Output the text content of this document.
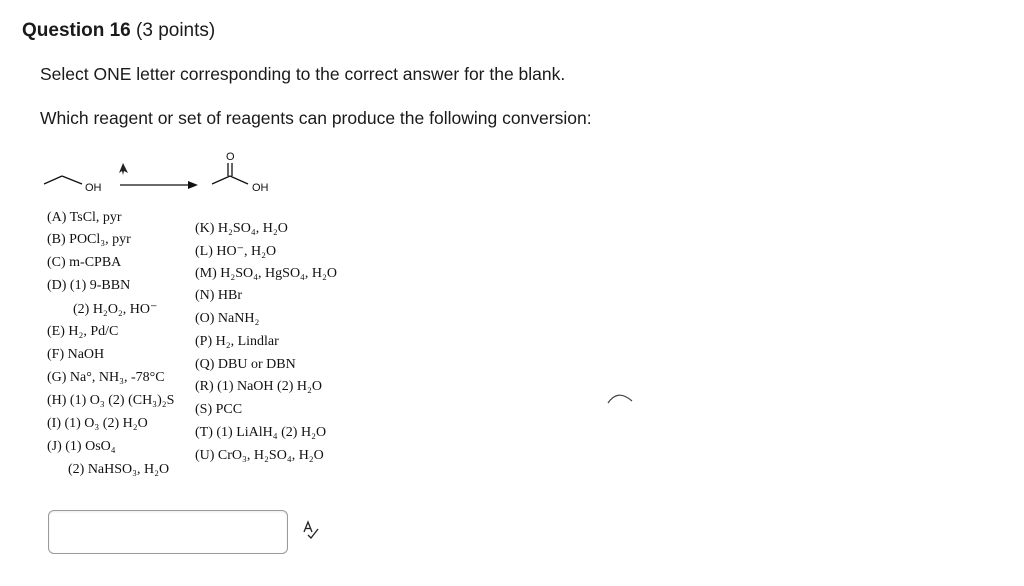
Question 16 (3 points)
Select ONE letter corresponding to the correct answer for the blank.
Which reagent or set of reagents can produce the following conversion:
OH
O
OH
(A) TsCl, pyr
(B) POCl₃, pyr
(C) m-CPBA
(D) (1) 9-BBN
(2) H₂O₂, HO⁻
(E) H₂, Pd/C
(F) NaOH
(G) Na°, NH₃, -78°C
(H) (1) O₃ (2) (CH₃)₂S
(I) (1) O₃ (2) H₂O
(J) (1) OsO₄
(2) NaHSO₃, H₂O
(K) H₂SO₄, H₂O
(L) HO⁻, H₂O
(M) H₂SO₄, HgSO₄, H₂O
(N) HBr
(O) NaNH₂
(P) H₂, Lindlar
(Q) DBU or DBN
(R) (1) NaOH (2) H₂O
(S) PCC
(T) (1) LiAlH₄ (2) H₂O
(U) CrO₃, H₂SO₄, H₂O
